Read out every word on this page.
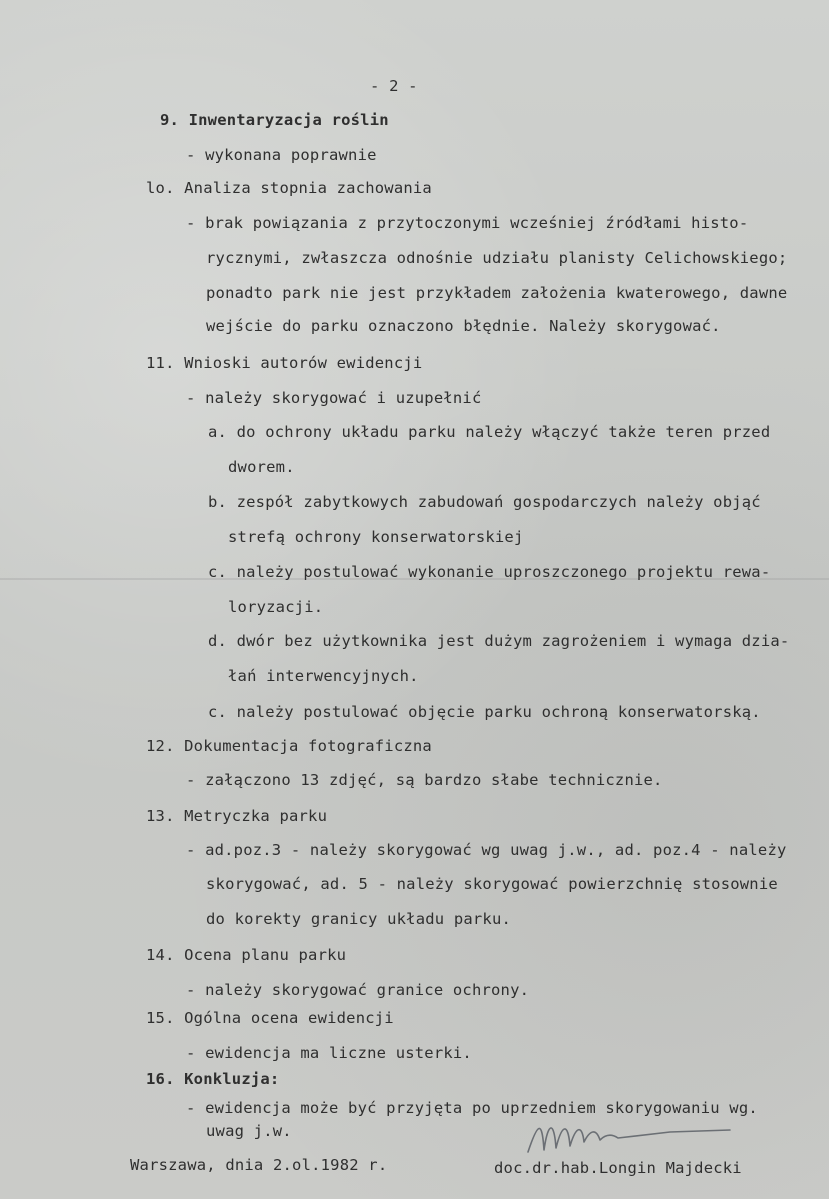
- 2 -
9. Inwentaryzacja roślin
- wykonana poprawnie
lo. Analiza stopnia zachowania
- brak powiązania z przytoczonymi wcześniej źródłami histo-
rycznymi, zwłaszcza odnośnie udziału planisty Celichowskiego;
ponadto park nie jest przykładem założenia kwaterowego, dawne
wejście do parku oznaczono błędnie. Należy skorygować.
11. Wnioski autorów ewidencji
- należy skorygować i uzupełnić
a. do ochrony układu parku należy włączyć także teren przed
dworem.
b. zespół zabytkowych zabudowań gospodarczych należy objąć
strefą ochrony konserwatorskiej
c. należy postulować wykonanie uproszczonego projektu rewa-
loryzacji.
d. dwór bez użytkownika jest dużym zagrożeniem i wymaga dzia-
łań interwencyjnych.
c. należy postulować objęcie parku ochroną konserwatorską.
12. Dokumentacja fotograficzna
- załączono 13 zdjęć, są bardzo słabe technicznie.
13. Metryczka parku
- ad.poz.3 - należy skorygować wg uwag j.w., ad. poz.4 - należy
skorygować, ad. 5 - należy skorygować powierzchnię stosownie
do korekty granicy układu parku.
14. Ocena planu parku
- należy skorygować granice ochrony.
15. Ogólna ocena ewidencji
- ewidencja ma liczne usterki.
16. Konkluzja:
- ewidencja może być przyjęta po uprzedniem skorygowaniu wg.
uwag j.w.
Warszawa, dnia 2.ol.1982 r.	doc.dr.hab.Longin Majdecki
